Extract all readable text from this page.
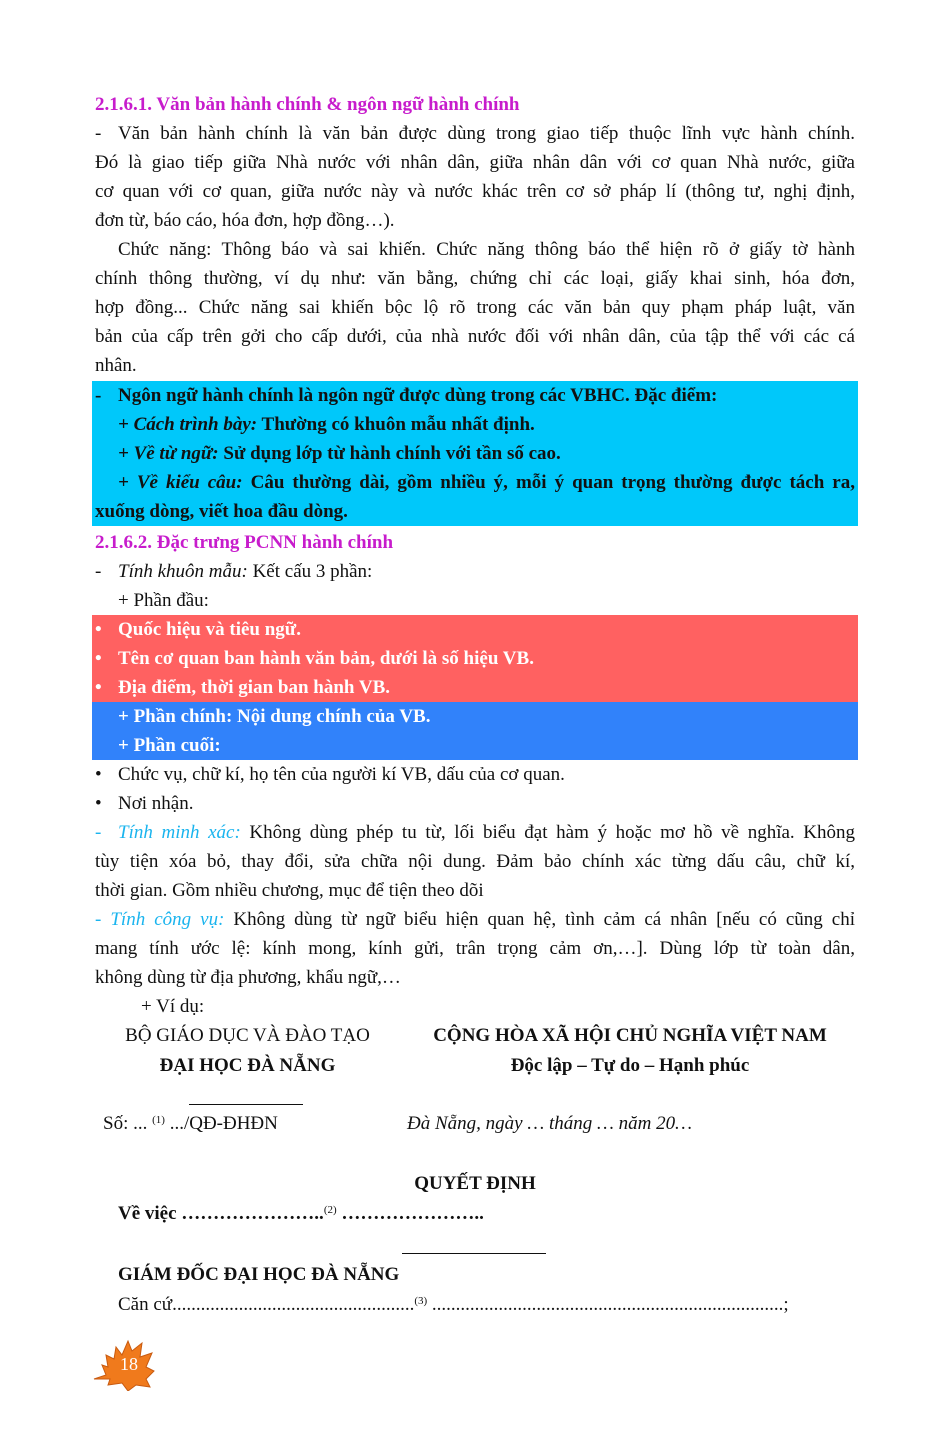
2.1.6.1. Văn bản hành chính & ngôn ngữ hành chính
- Văn bản hành chính là văn bản được dùng trong giao tiếp thuộc lĩnh vực hành chính.
Đó là giao tiếp giữa Nhà nước với nhân dân, giữa nhân dân với cơ quan Nhà nước, giữa
cơ quan với cơ quan, giữa nước này và nước khác trên cơ sở pháp lí (thông tư, nghị định,
đơn từ, báo cáo, hóa đơn, hợp đồng…).
Chức năng: Thông báo và sai khiến. Chức năng thông báo thể hiện rõ ở giấy tờ hành
chính thông thường, ví dụ như: văn bằng, chứng chỉ các loại, giấy khai sinh, hóa đơn,
hợp đồng... Chức năng sai khiến bộc lộ rõ trong các văn bản quy phạm pháp luật, văn
bản của cấp trên gởi cho cấp dưới, của nhà nước đối với nhân dân, của tập thể với các cá
nhân.
- Ngôn ngữ hành chính là ngôn ngữ được dùng trong các VBHC. Đặc điểm:
+ Cách trình bày: Thường có khuôn mẫu nhất định.
+ Về từ ngữ: Sử dụng lớp từ hành chính với tần số cao.
+ Về kiểu câu: Câu thường dài, gồm nhiều ý, mỗi ý quan trọng thường được tách ra,
xuống dòng, viết hoa đầu dòng.
2.1.6.2. Đặc trưng PCNN hành chính
- Tính khuôn mẫu: Kết cấu 3 phần:
+ Phần đầu:
• Quốc hiệu và tiêu ngữ.
• Tên cơ quan ban hành văn bản, dưới là số hiệu VB.
• Địa điểm, thời gian ban hành VB.
+ Phần chính: Nội dung chính của VB.
+ Phần cuối:
• Chức vụ, chữ kí, họ tên của người kí VB, dấu của cơ quan.
• Nơi nhận.
- Tính minh xác: Không dùng phép tu từ, lối biểu đạt hàm ý hoặc mơ hồ về nghĩa. Không
tùy tiện xóa bỏ, thay đổi, sửa chữa nội dung. Đảm bảo chính xác từng dấu câu, chữ kí,
thời gian. Gồm nhiều chương, mục để tiện theo dõi
- Tính công vụ: Không dùng từ ngữ biểu hiện quan hệ, tình cảm cá nhân [nếu có cũng chỉ
mang tính ước lệ: kính mong, kính gửi, trân trọng cảm ơn,…]. Dùng lớp từ toàn dân,
không dùng từ địa phương, khẩu ngữ,…
+ Ví dụ:
BỘ GIÁO DỤC VÀ ĐÀO TẠO
ĐẠI HỌC ĐÀ NẴNG
CỘNG HÒA XÃ HỘI CHỦ NGHĨA VIỆT NAM
Độc lập – Tự do – Hạnh phúc
Số: ... $^{(1)}$ .../QĐ-ĐHĐN	Đà Nẵng, ngày … tháng … năm 20…
QUYẾT ĐỊNH
Về việc …………………..$^{(2)}$ …………………..
GIÁM ĐỐC ĐẠI HỌC ĐÀ NẴNG
Căn cứ...................................................$^{(3)}$ ..........................................................................;
18
